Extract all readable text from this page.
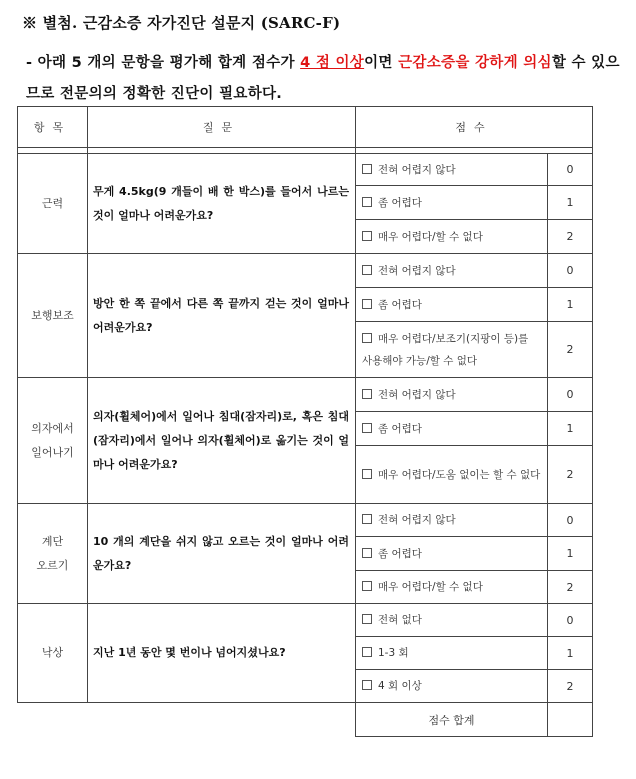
※ 별첨. 근감소증 자가진단 설문지 (SARC-F)
- 아래 5 개의 문항을 평가해 합계 점수가 4 점 이상이면 근감소증을 강하게 의심할 수 있으므로 전문의의 정확한 진단이 필요하다.
항목	질문	점수	

근력	무게 4.5kg(9 개들이 배 한 박스)를 들어서 나르는 것이 얼마나 어려운가요?	전혀 어렵지 않다	0
		좀 어렵다	1
		매우 어렵다/할 수 없다	2
보행보조	방안 한 쪽 끝에서 다른 쪽 끝까지 걷는 것이 얼마나 어려운가요?	전혀 어렵지 않다	0
		좀 어렵다	1
		매우 어렵다/보조기(지팡이 등)를 사용해야 가능/할 수 없다	2
의자에서 일어나기	의자(휠체어)에서 일어나 침대(잠자리)로, 혹은 침대(잠자리)에서 일어나 의자(휠체어)로 옮기는 것이 얼마나 어려운가요?	전혀 어렵지 않다	0
		좀 어렵다	1
		매우 어렵다/도움 없이는 할 수 없다	2
계단 오르기	10 개의 계단을 쉬지 않고 오르는 것이 얼마나 어려운가요?	전혀 어렵지 않다	0
		좀 어렵다	1
		매우 어렵다/할 수 없다	2
낙상	지난 1년 동안 몇 번이나 넘어지셨나요?	전혀 없다	0
		1-3 회	1
		4 회 이상	2
		점수 합계	
